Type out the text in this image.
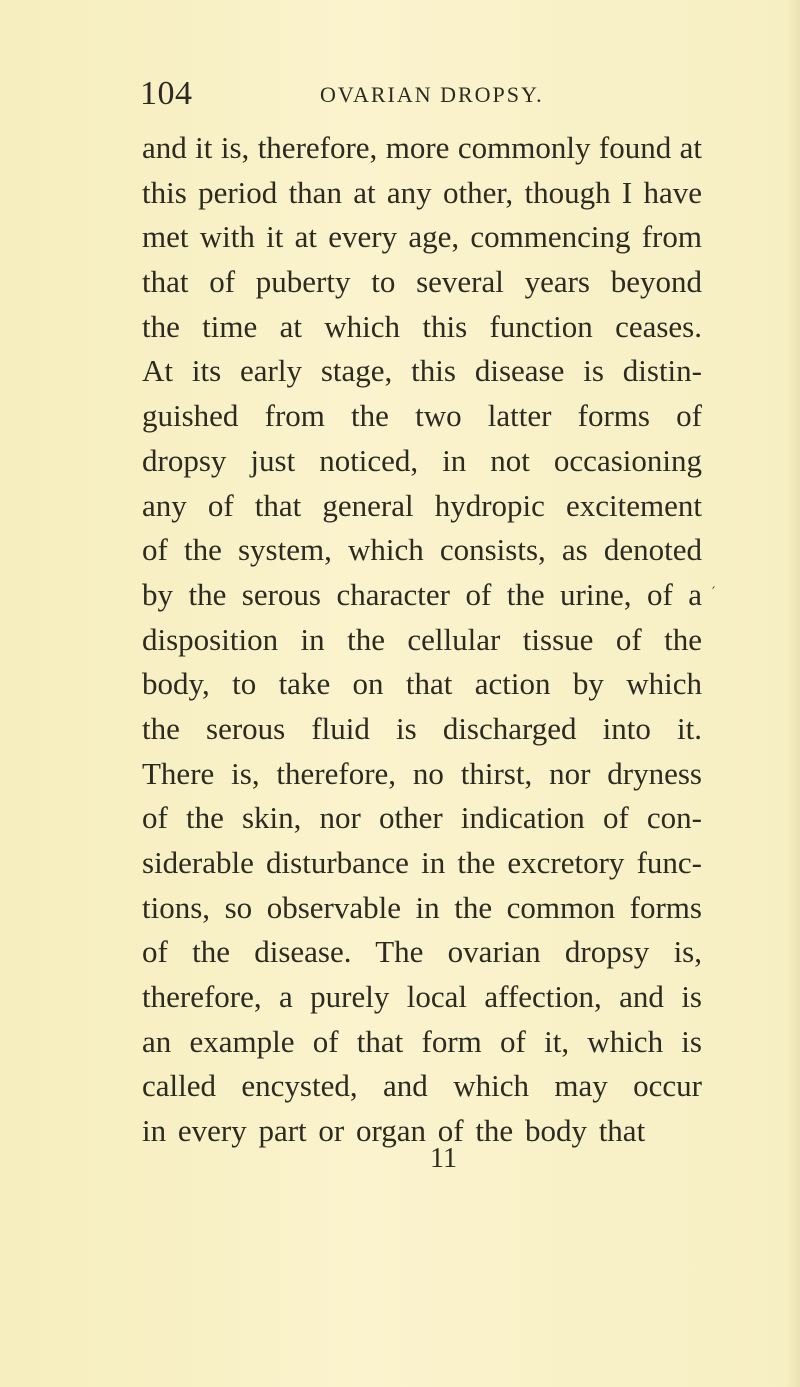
104	OVARIAN DROPSY.
and it is, therefore, more commonly found at
this period than at any other, though I have
met with it at every age, commencing from
that of puberty to several years beyond
the time at which this function ceases.
At its early stage, this disease is distin-
guished from the two latter forms of
dropsy just noticed, in not occasioning
any of that general hydropic excitement
of the system, which consists, as denoted
by the serous character of the urine, of a
disposition in the cellular tissue of the
body, to take on that action by which
the serous fluid is discharged into it.
There is, therefore, no thirst, nor dryness
of the skin, nor other indication of con-
siderable disturbance in the excretory func-
tions, so observable in the common forms
of the disease. The ovarian dropsy is,
therefore, a purely local affection, and is
an example of that form of it, which is
called encysted, and which may occur
in every part or organ of the body that
′
11
